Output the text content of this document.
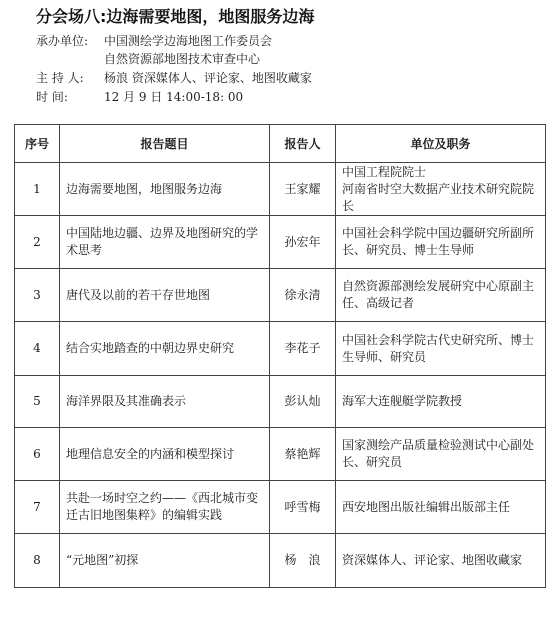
分会场八:边海需要地图，地图服务边海
承办单位: 中国测绘学边海地图工作委员会
自然资源部地图技术审查中心
主 持 人: 杨浪 资深媒体人、评论家、地图收藏家
时 间:	12 月 9 日 14:00-18: 00
序号	报告题目	报告人	单位及职务
1	边海需要地图，地图服务边海	王家耀	中国工程院院士
河南省时空大数据产业技术研究院院长
2	中国陆地边疆、边界及地图研究的学术思考	孙宏年	中国社会科学院中国边疆研究所副所长、研究员、博士生导师
3	唐代及以前的若干存世地图	徐永清	自然资源部测绘发展研究中心原副主任、高级记者
4	结合实地踏查的中朝边界史研究	李花子	中国社会科学院古代史研究所、博士生导师、研究员
5	海洋界限及其准确表示	彭认灿	海军大连舰艇学院教授
6	地理信息安全的内涵和模型探讨	蔡艳辉	国家测绘产品质量检验测试中心副处长、研究员
7	共赴一场时空之约——《西北城市变迁古旧地图集粹》的编辑实践	呼雪梅	西安地图出版社编辑出版部主任
8	“元地图”初探	杨　浪	资深媒体人、评论家、地图收藏家
